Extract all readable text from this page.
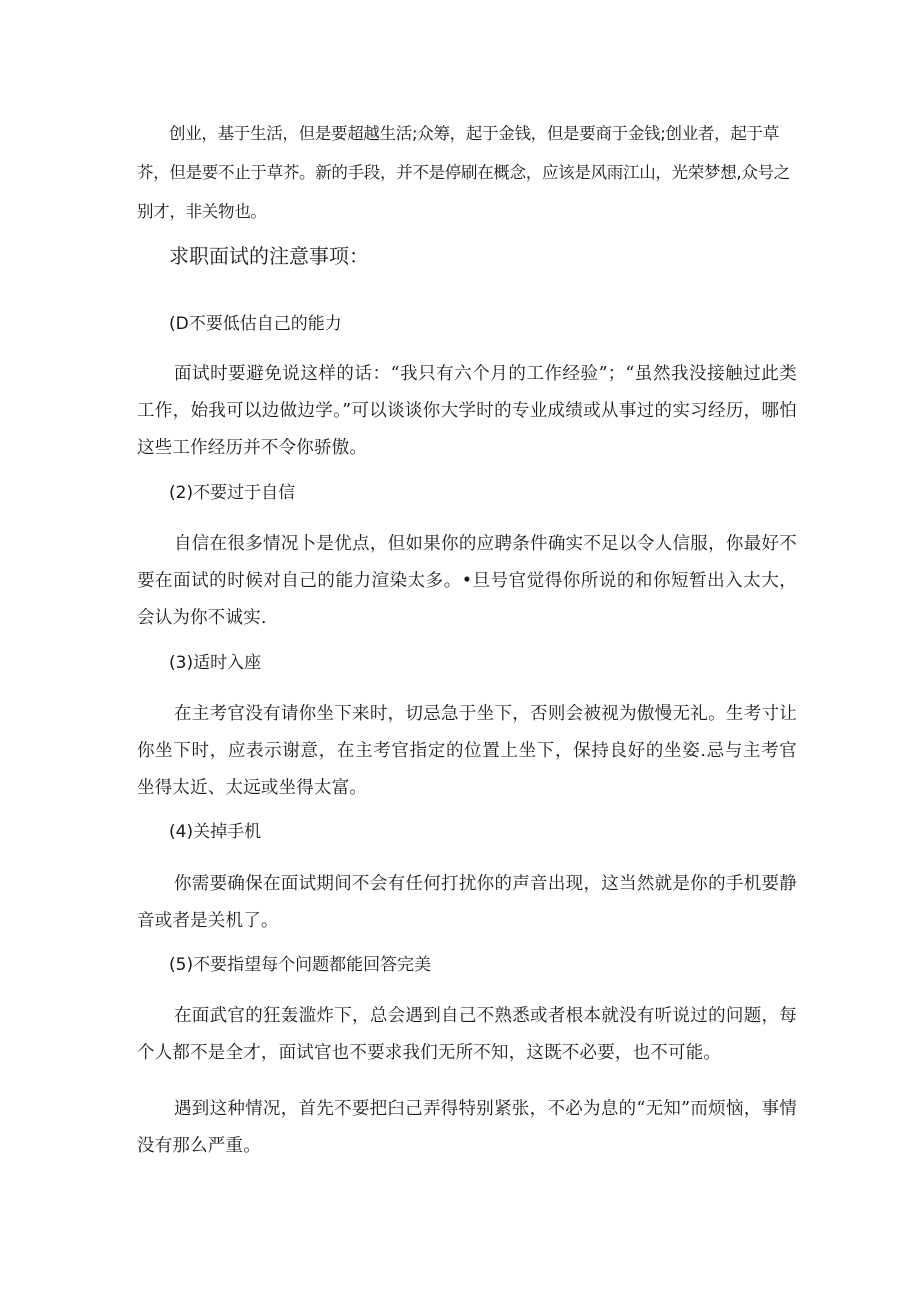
创业，基于生活，但是要超越生活;众筹，起于金钱，但是要商于金钱;创业者，起于草芥，但是要不止于草芥。新的手段，并不是停刷在概念，应该是风雨江山，光荣梦想,众号之别才，非关物也。

求职面试的注意事项：

(D不要低估自己的能力

面试时要避免说这样的话：“我只有六个月的工作经验”；“虽然我没接触过此类工作，始我可以边做边学。”可以谈谈你大学时的专业成绩或从事过的实习经历，哪怕这些工作经历并不令你骄傲。

(2)不要过于自信

自信在很多情况卜是优点，但如果你的应聘条件确实不足以令人信服，你最好不要在面试的时候对自己的能力渲染太多。•旦号官觉得你所说的和你短暂出入太大，会认为你不诚实.

(3)适时入座

在主考官没有请你坐下来时，切忌急于坐下，否则会被视为傲慢无礼。生考寸让你坐下时，应表示谢意，在主考官指定的位置上坐下，保持良好的坐姿.忌与主考官坐得太近、太远或坐得太富。

(4)关掉手机

你需要确保在面试期间不会有任何打扰你的声音出现，这当然就是你的手机要静音或者是关机了。

(5)不要指望每个问题都能回答完美

在面武官的狂轰滥炸下，总会遇到自己不熟悉或者根本就没有听说过的问题，每个人都不是全才，面试官也不要求我们无所不知，这既不必要，也不可能。

遇到这种情况，首先不要把臼己弄得特别紧张，不必为息的“无知”而烦恼，事情没有那么严重。
